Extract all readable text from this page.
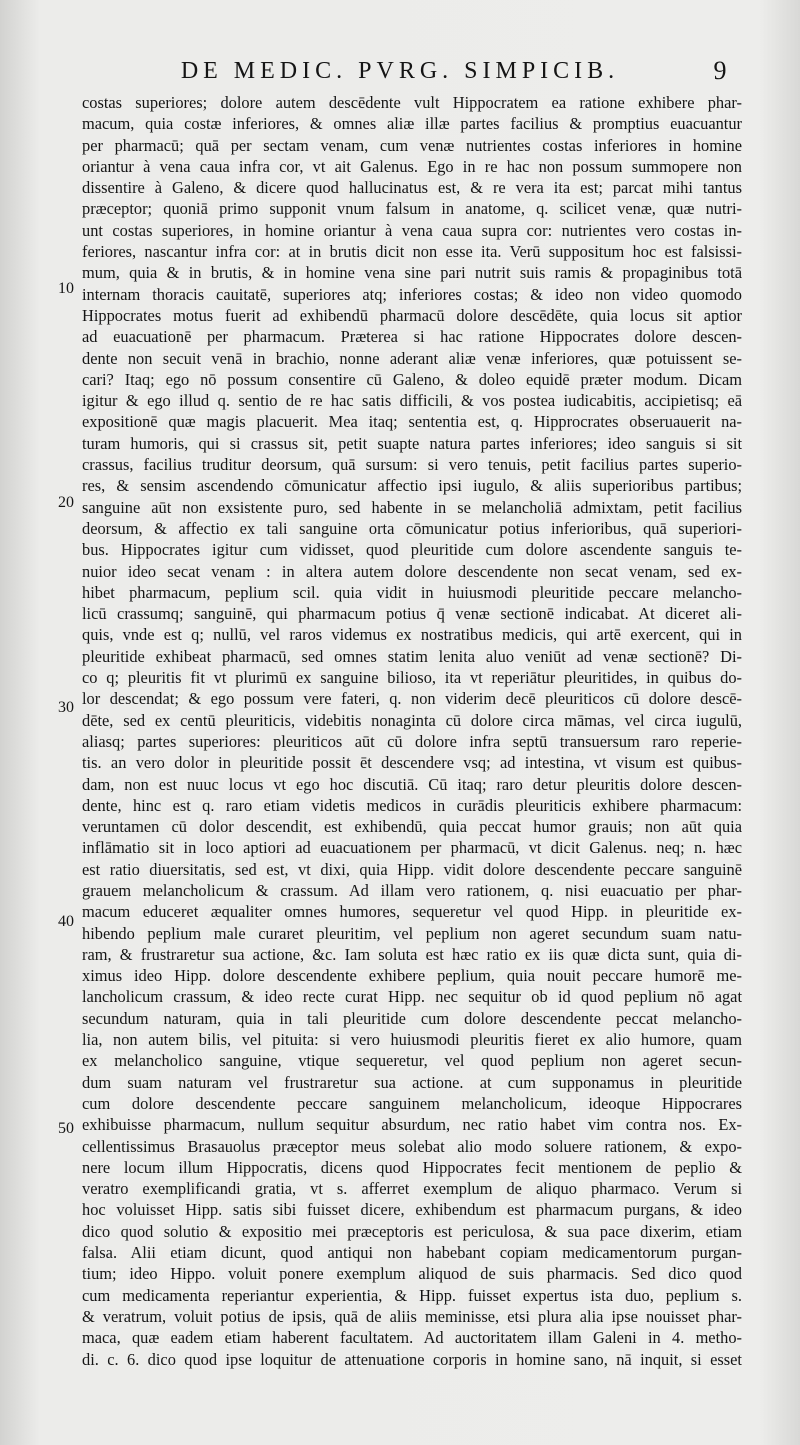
DE MEDIC. PVRG. SIMPICIB.	9
10
20
30
40
50
costas superiores; dolore autem descēdente vult Hippocratem ea ratione exhibere phar-
macum, quia costæ inferiores, & omnes aliæ illæ partes facilius & promptius euacuantur
per pharmacū; quā per sectam venam, cum venæ nutrientes costas inferiores in homine
oriantur à vena caua infra cor, vt ait Galenus. Ego in re hac non possum summopere non
dissentire à Galeno, & dicere quod hallucinatus est, & re vera ita est; parcat mihi tantus
præceptor; quoniā primo supponit vnum falsum in anatome, q. scilicet venæ, quæ nutri-
unt costas superiores, in homine oriantur à vena caua supra cor: nutrientes vero costas in-
feriores, nascantur infra cor: at in brutis dicit non esse ita. Verū suppositum hoc est falsissi-
mum, quia & in brutis, & in homine vena sine pari nutrit suis ramis & propaginibus totā
internam thoracis cauitatē, superiores atq; inferiores costas; & ideo non video quomodo
Hippocrates motus fuerit ad exhibendū pharmacū dolore descēdēte, quia locus sit aptior
ad euacuationē per pharmacum. Præterea si hac ratione Hippocrates dolore descen-
dente non secuit venā in brachio, nonne aderant aliæ venæ inferiores, quæ potuissent se-
cari? Itaq; ego nō possum consentire cū Galeno, & doleo equidē præter modum. Dicam
igitur & ego illud q. sentio de re hac satis difficili, & vos postea iudicabitis, accipietisq; eā
expositionē quæ magis placuerit. Mea itaq; sententia est, q. Hipprocrates obseruauerit na-
turam humoris, qui si crassus sit, petit suapte natura partes inferiores; ideo sanguis si sit
crassus, facilius truditur deorsum, quā sursum: si vero tenuis, petit facilius partes superio-
res, & sensim ascendendo cōmunicatur affectio ipsi iugulo, & aliis superioribus partibus;
sanguine aūt non exsistente puro, sed habente in se melancholiā admixtam, petit facilius
deorsum, & affectio ex tali sanguine orta cōmunicatur potius inferioribus, quā superiori-
bus. Hippocrates igitur cum vidisset, quod pleuritide cum dolore ascendente sanguis te-
nuior ideo secat venam : in altera autem dolore descendente non secat venam, sed ex-
hibet pharmacum, peplium scil. quia vidit in huiusmodi pleuritide peccare melancho-
licū crassumq; sanguinē, qui pharmacum potius q̄ venæ sectionē indicabat. At diceret ali-
quis, vnde est q; nullū, vel raros videmus ex nostratibus medicis, qui artē exercent, qui in
pleuritide exhibeat pharmacū, sed omnes statim lenita aluo veniūt ad venæ sectionē? Di-
co q; pleuritis fit vt plurimū ex sanguine bilioso, ita vt reperiātur pleuritides, in quibus do-
lor descendat; & ego possum vere fateri, q. non viderim decē pleuriticos cū dolore descē-
dēte, sed ex centū pleuriticis, videbitis nonaginta cū dolore circa māmas, vel circa iugulū,
aliasq; partes superiores: pleuriticos aūt cū dolore infra septū transuersum raro reperie-
tis. an vero dolor in pleuritide possit ēt descendere vsq; ad intestina, vt visum est quibus-
dam, non est nuuc locus vt ego hoc discutiā. Cū itaq; raro detur pleuritis dolore descen-
dente, hinc est q. raro etiam videtis medicos in curādis pleuriticis exhibere pharmacum:
veruntamen cū dolor descendit, est exhibendū, quia peccat humor grauis; non aūt quia
inflāmatio sit in loco aptiori ad euacuationem per pharmacū, vt dicit Galenus. neq; n. hæc
est ratio diuersitatis, sed est, vt dixi, quia Hipp. vidit dolore descendente peccare sanguinē
grauem melancholicum & crassum. Ad illam vero rationem, q. nisi euacuatio per phar-
macum educeret æqualiter omnes humores, sequeretur vel quod Hipp. in pleuritide ex-
hibendo peplium male curaret pleuritim, vel peplium non ageret secundum suam natu-
ram, & frustraretur sua actione, &c. Iam soluta est hæc ratio ex iis quæ dicta sunt, quia di-
ximus ideo Hipp. dolore descendente exhibere peplium, quia nouit peccare humorē me-
lancholicum crassum, & ideo recte curat Hipp. nec sequitur ob id quod peplium nō agat
secundum naturam, quia in tali pleuritide cum dolore descendente peccat melancho-
lia, non autem bilis, vel pituita: si vero huiusmodi pleuritis fieret ex alio humore, quam
ex melancholico sanguine, vtique sequeretur, vel quod peplium non ageret secun-
dum suam naturam vel frustraretur sua actione. at cum supponamus in pleuritide
cum dolore descendente peccare sanguinem melancholicum, ideoque Hippocrares
exhibuisse pharmacum, nullum sequitur absurdum, nec ratio habet vim contra nos. Ex-
cellentissimus Brasauolus præceptor meus solebat alio modo soluere rationem, & expo-
nere locum illum Hippocratis, dicens quod Hippocrates fecit mentionem de peplio &
veratro exemplificandi gratia, vt s. afferret exemplum de aliquo pharmaco. Verum si
hoc voluisset Hipp. satis sibi fuisset dicere, exhibendum est pharmacum purgans, & ideo
dico quod solutio & expositio mei præceptoris est periculosa, & sua pace dixerim, etiam
falsa. Alii etiam dicunt, quod antiqui non habebant copiam medicamentorum purgan-
tium; ideo Hippo. voluit ponere exemplum aliquod de suis pharmacis. Sed dico quod
cum medicamenta reperiantur experientia, & Hipp. fuisset expertus ista duo, peplium s.
& veratrum, voluit potius de ipsis, quā de aliis meminisse, etsi plura alia ipse nouisset phar-
maca, quæ eadem etiam haberent facultatem. Ad auctoritatem illam Galeni in 4. metho-
di. c. 6. dico quod ipse loquitur de attenuatione corporis in homine sano, nā inquit, si esset
